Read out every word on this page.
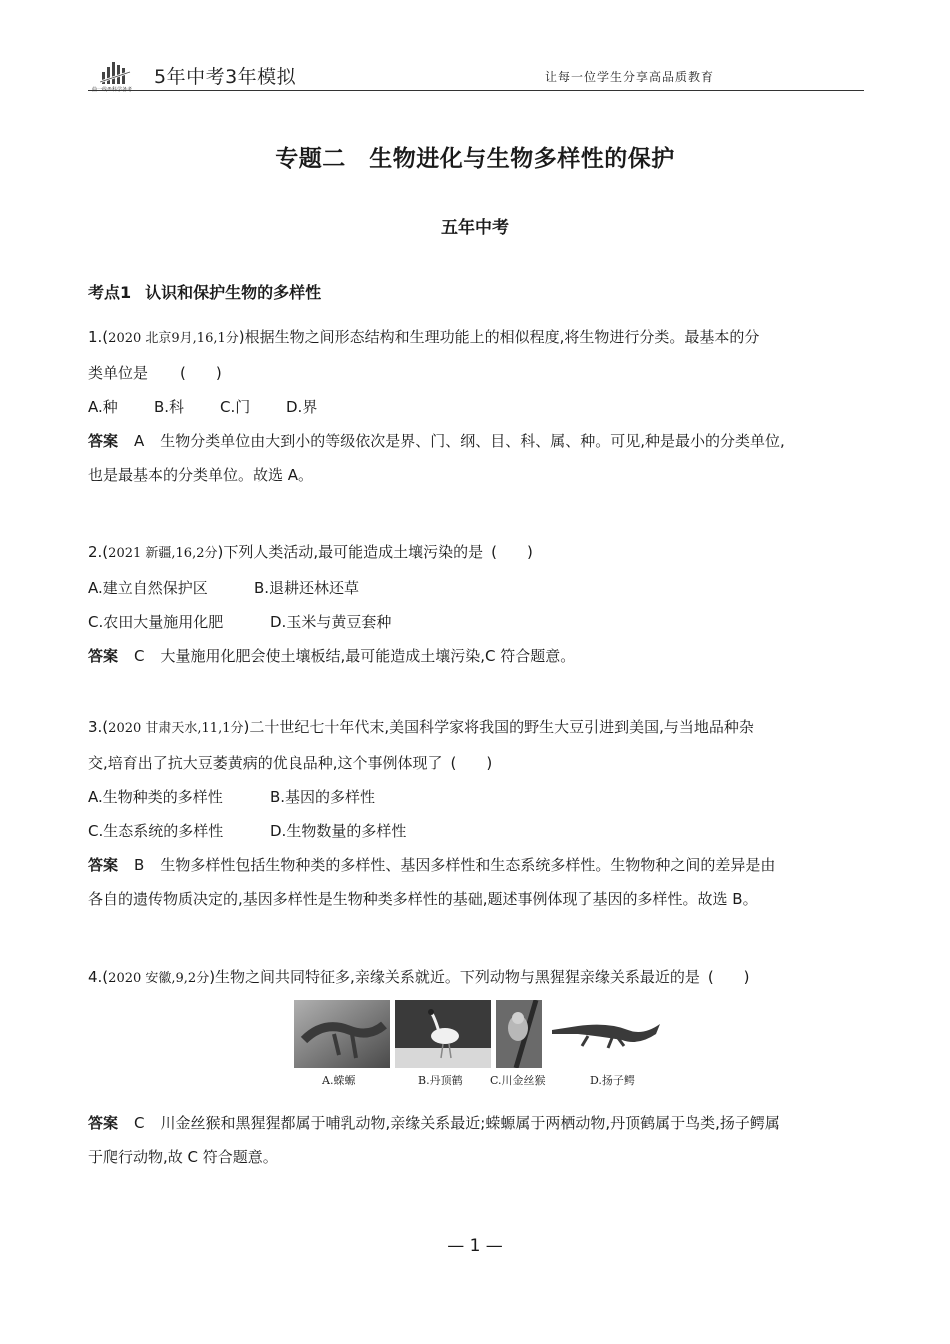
曲一线®科学备考
5年中考3年模拟	让每一位学生分享高品质教育
专题二　生物进化与生物多样性的保护
五年中考
考点1 认识和保护生物的多样性
1.(2020 北京9月,16,1分)根据生物之间形态结构和生理功能上的相似程度,将生物进行分类。最基本的分
类单位是 (　　)
A.种 B.科 C.门 D.界
答案 A 生物分类单位由大到小的等级依次是界、门、纲、目、科、属、种。可见,种是最小的分类单位,
也是最基本的分类单位。故选 A。
2.(2021 新疆,16,2分)下列人类活动,最可能造成土壤污染的是 (　　)
A.建立自然保护区	B.退耕还林还草
C.农田大量施用化肥	D.玉米与黄豆套种
答案 C 大量施用化肥会使土壤板结,最可能造成土壤污染,C 符合题意。
3.(2020 甘肃天水,11,1分)二十世纪七十年代末,美国科学家将我国的野生大豆引进到美国,与当地品种杂
交,培育出了抗大豆萎黄病的优良品种,这个事例体现了 (　　)
A.生物种类的多样性	B.基因的多样性
C.生态系统的多样性	D.生物数量的多样性
答案 B 生物多样性包括生物种类的多样性、基因多样性和生态系统多样性。生物物种之间的差异是由
各自的遗传物质决定的,基因多样性是生物种类多样性的基础,题述事例体现了基因的多样性。故选 B。
4.(2020 安徽,9,2分)生物之间共同特征多,亲缘关系就近。下列动物与黑猩猩亲缘关系最近的是 (　　)
A.蝾螈	B.丹顶鹤 C.川金丝猴	D.扬子鳄
答案 C 川金丝猴和黑猩猩都属于哺乳动物,亲缘关系最近;蝾螈属于两栖动物,丹顶鹤属于鸟类,扬子鳄属
于爬行动物,故 C 符合题意。
— 1 —
